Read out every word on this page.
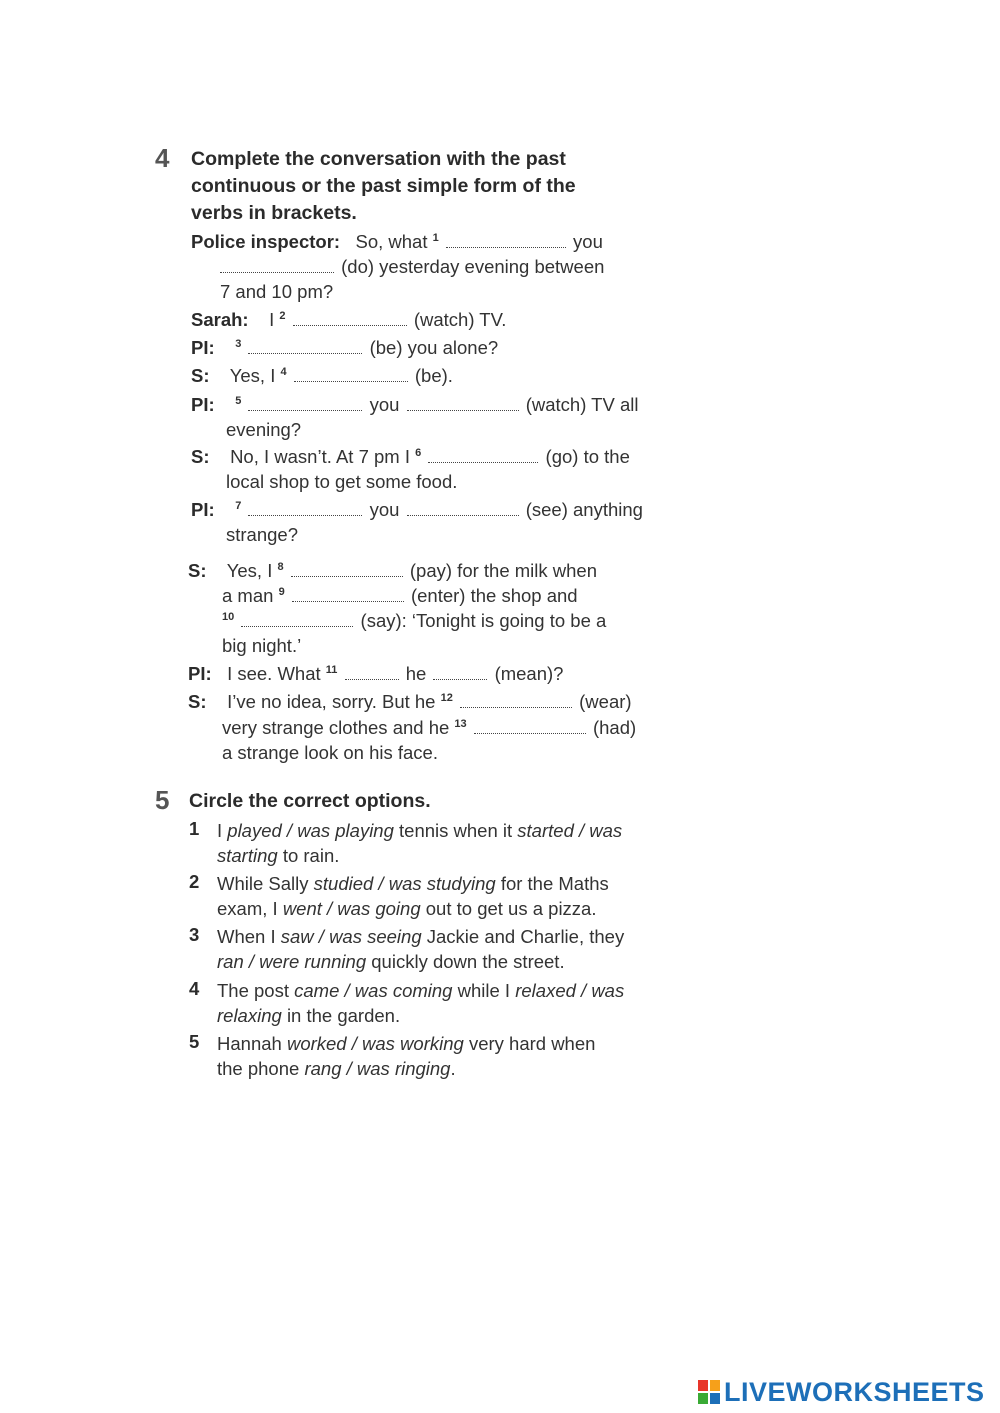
4 Complete the conversation with the past
continuous or the past simple form of the
verbs in brackets.
Police inspector: So, what $^1$	you
(do) yesterday evening between
7 and 10 pm?
Sarah: I $^2$	(watch) TV.
PI: $^3$	(be) you alone?
S: Yes, I $^4$	(be).
PI: $^5$	you	(watch) TV all
evening?
S: No, I wasn’t. At 7 pm I $^6$	(go) to the
local shop to get some food.
PI: $^7$	you	(see) anything
strange?
S: Yes, I $^8$	(pay) for the milk when
a man $^9$	(enter) the shop and
$^{10}$	(say): ‘Tonight is going to be a
big night.’
PI: I see. What $^{11}$	he	(mean)?
S: I’ve no idea, sorry. But he $^{12}$	(wear)
very strange clothes and he $^{13}$	(had)
a strange look on his face.
5 Circle the correct options.
1 I played / was playing tennis when it started / was
starting to rain.
2 While Sally studied / was studying for the Maths
exam, I went / was going out to get us a pizza.
3 When I saw / was seeing Jackie and Charlie, they
ran / were running quickly down the street.
4 The post came / was coming while I relaxed / was
relaxing in the garden.
5 Hannah worked / was working very hard when
the phone rang / was ringing.
LIVEWORKSHEETS
